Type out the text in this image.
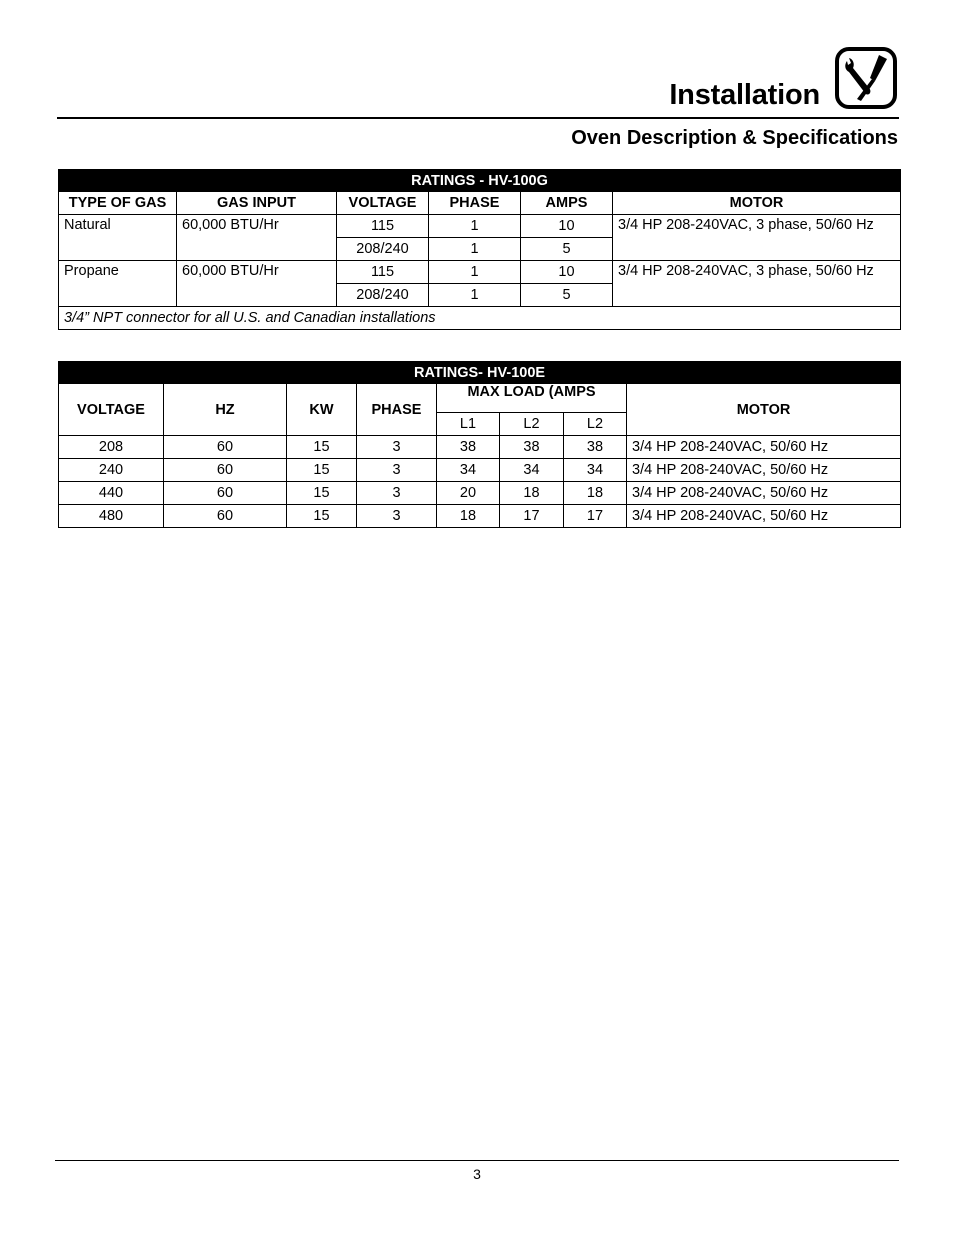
Installation
Oven Description & Specifications
RATINGS - HV-100G					
TYPE OF GAS	GAS INPUT	VOLTAGE	PHASE	AMPS	MOTOR
Natural	60,000 BTU/Hr	115	1	10	3/4 HP 208-240VAC, 3 phase, 50/60 Hz
		208/240	1	5	
Propane	60,000 BTU/Hr	115	1	10	3/4 HP 208-240VAC, 3 phase, 50/60 Hz
		208/240	1	5	
3/4” NPT connector for all U.S. and Canadian installations					
RATINGS- HV-100E							
VOLTAGE	HZ	KW	PHASE	MAX LOAD (AMPS			MOTOR
				L1	L2	L2	
208	60	15	3	38	38	38	3/4 HP 208-240VAC, 50/60 Hz
240	60	15	3	34	34	34	3/4 HP 208-240VAC, 50/60 Hz
440	60	15	3	20	18	18	3/4 HP 208-240VAC, 50/60 Hz
480	60	15	3	18	17	17	3/4 HP 208-240VAC, 50/60 Hz
3
